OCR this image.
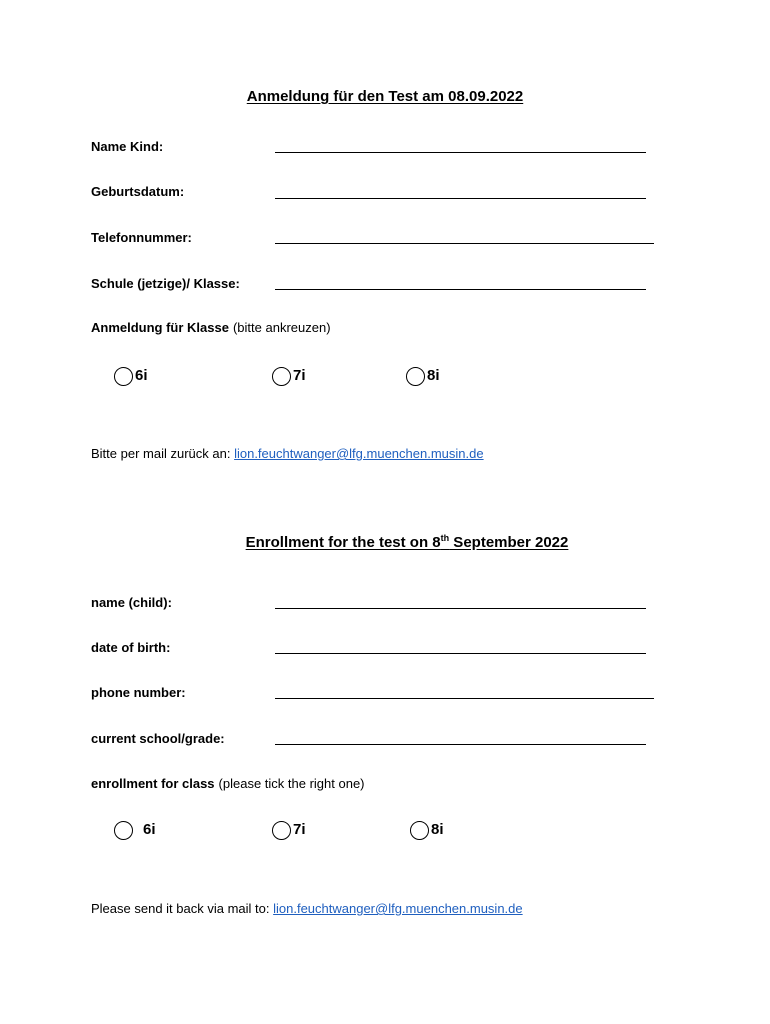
Anmeldung für den Test am 08.09.2022
Name Kind:
Geburtsdatum:
Telefonnummer:
Schule (jetzige)/ Klasse:
Anmeldung für Klasse (bitte ankreuzen)
6i	7i	8i
Bitte per mail zurück an: lion.feuchtwanger@lfg.muenchen.musin.de
Enrollment for the test on 8th September 2022
name (child):
date of birth:
phone number:
current school/grade:
enrollment for class (please tick the right one)
6i	7i	8i
Please send it back via mail to: lion.feuchtwanger@lfg.muenchen.musin.de
